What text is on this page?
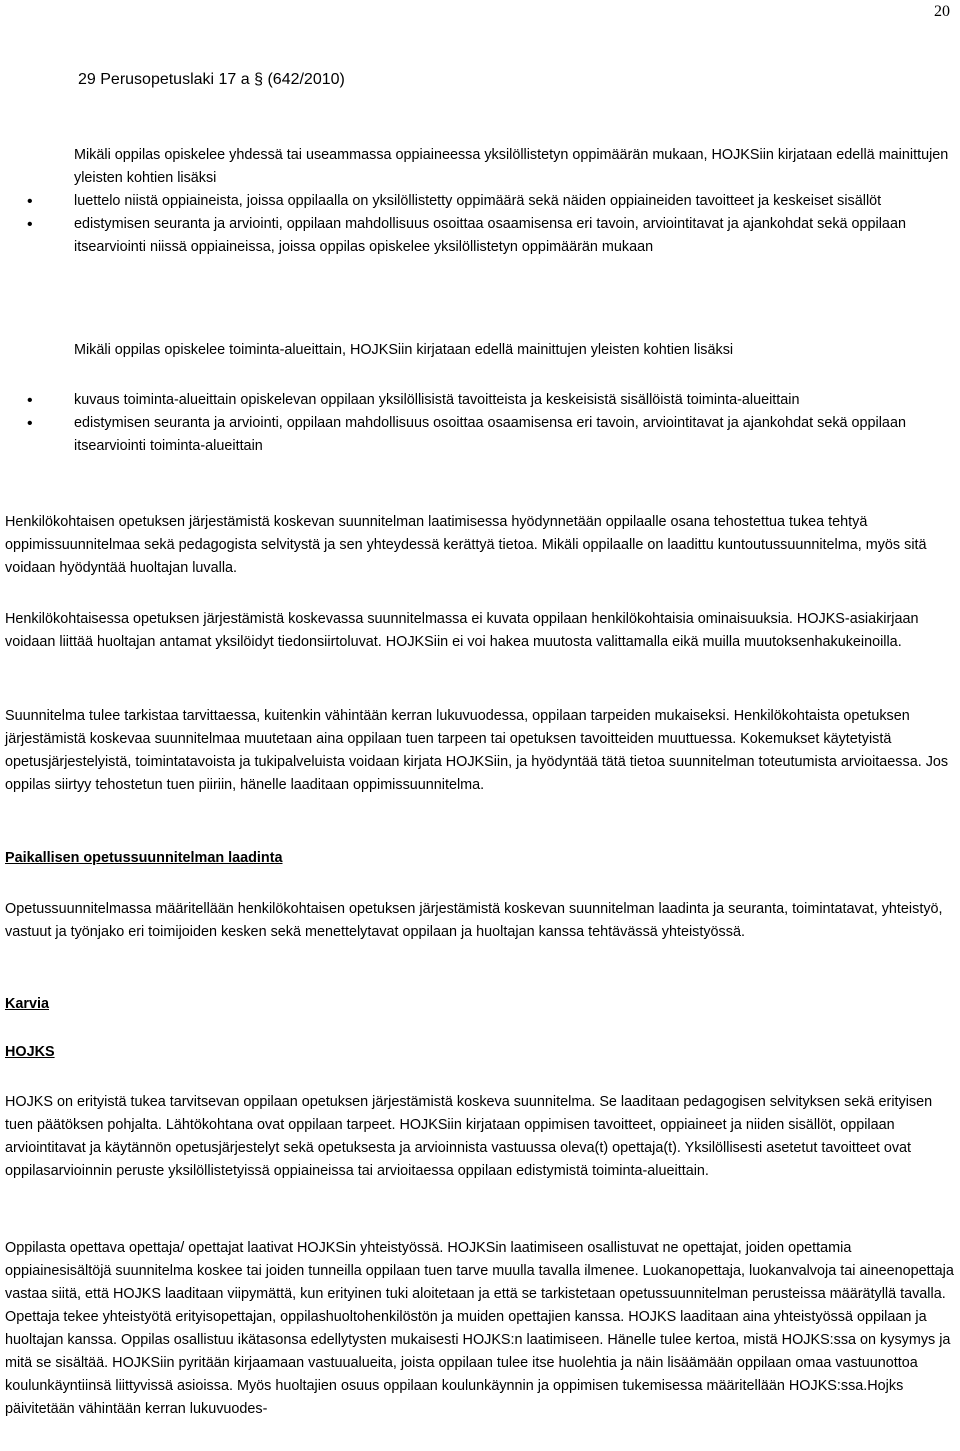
20
29 Perusopetuslaki 17 a § (642/2010)
Mikäli oppilas opiskelee yhdessä tai useammassa oppiaineessa yksilöllistetyn oppimäärän mukaan, HOJKSiin kirjataan edellä mainittujen yleisten kohtien lisäksi
• luettelo niistä oppiaineista, joissa oppilaalla on yksilöllistetty oppimäärä sekä näiden oppiaineiden tavoitteet ja keskeiset sisällöt
• edistymisen seuranta ja arviointi, oppilaan mahdollisuus osoittaa osaamisensa eri tavoin, arviointitavat ja ajankohdat sekä oppilaan itsearviointi niissä oppiaineissa, joissa oppilas opiskelee yksilöllistetyn oppimäärän mukaan
Mikäli oppilas opiskelee toiminta-alueittain, HOJKSiin kirjataan edellä mainittujen yleisten kohtien lisäksi
• kuvaus toiminta-alueittain opiskelevan oppilaan yksilöllisistä tavoitteista ja keskeisistä sisällöistä toiminta-alueittain
• edistymisen seuranta ja arviointi, oppilaan mahdollisuus osoittaa osaamisensa eri tavoin, arviointitavat ja ajankohdat sekä oppilaan itsearviointi toiminta-alueittain

Henkilökohtaisen opetuksen järjestämistä koskevan suunnitelman laatimisessa hyödynnetään oppilaalle osana tehostettua tukea tehtyä oppimissuunnitelmaa sekä pedagogista selvitystä ja sen yhteydessä kerättyä tietoa. Mikäli oppilaalle on laadittu kuntoutussuunnitelma, myös sitä voidaan hyödyntää huoltajan luvalla.

Henkilökohtaisessa opetuksen järjestämistä koskevassa suunnitelmassa ei kuvata oppilaan henkilökohtaisia ominaisuuksia. HOJKS-asiakirjaan voidaan liittää huoltajan antamat yksilöidyt tiedonsiirtoluvat. HOJKSiin ei voi hakea muutosta valittamalla eikä muilla muutoksenhakukeinoilla.

Suunnitelma tulee tarkistaa tarvittaessa, kuitenkin vähintään kerran lukuvuodessa, oppilaan tarpeiden mukaiseksi. Henkilökohtaista opetuksen järjestämistä koskevaa suunnitelmaa muutetaan aina oppilaan tuen tarpeen tai opetuksen tavoitteiden muuttuessa. Kokemukset käytetyistä opetusjärjestelyistä, toimintatavoista ja tukipalveluista voidaan kirjata HOJKSiin, ja hyödyntää tätä tietoa suunnitelman toteutumista arvioitaessa. Jos oppilas siirtyy tehostetun tuen piiriin, hänelle laaditaan oppimissuunnitelma.

Paikallisen opetussuunnitelman laadinta

Opetussuunnitelmassa määritellään henkilökohtaisen opetuksen järjestämistä koskevan suunnitelman laadinta ja seuranta, toimintatavat, yhteistyö, vastuut ja työnjako eri toimijoiden kesken sekä menettelytavat oppilaan ja huoltajan kanssa tehtävässä yhteistyössä.

Karvia
HOJKS

HOJKS on erityistä tukea tarvitsevan oppilaan opetuksen järjestämistä koskeva suunnitelma. Se laaditaan pedagogisen selvityksen sekä erityisen tuen päätöksen pohjalta. Lähtökohtana ovat oppilaan tarpeet. HOJKSiin kirjataan oppimisen tavoitteet, oppiaineet ja niiden sisällöt, oppilaan arviointitavat ja käytännön opetusjärjestelyt sekä opetuksesta ja arvioinnista vastuussa oleva(t) opettaja(t). Yksilöllisesti asetetut tavoitteet ovat oppilasarvioinnin peruste yksilöllistetyissä oppiaineissa tai arvioitaessa oppilaan edistymistä toiminta-alueittain.

Oppilasta opettava opettaja/ opettajat laativat HOJKSin yhteistyössä. HOJKSin laatimiseen osallistuvat ne opettajat, joiden opettamia oppiainesisältöjä suunnitelma koskee tai joiden tunneilla oppilaan tuen tarve muulla tavalla ilmenee. Luokanopettaja, luokanvalvoja tai aineenopettaja vastaa siitä, että HOJKS laaditaan viipymättä, kun erityinen tuki aloitetaan ja että se tarkistetaan opetussuunnitelman perusteissa määrätyllä tavalla. Opettaja tekee yhteistyötä erityisopettajan, oppilashuoltohenkilöstön ja muiden opettajien kanssa. HOJKS laaditaan aina yhteistyössä oppilaan ja huoltajan kanssa. Oppilas osallistuu ikätasonsa edellytysten mukaisesti HOJKS:n laatimiseen. Hänelle tulee kertoa, mistä HOJKS:ssa on kysymys ja mitä se sisältää. HOJKSiin pyritään kirjaamaan vastuualueita, joista oppilaan tulee itse huolehtia ja näin lisäämään oppilaan omaa vastuunottoa koulunkäyntiinsä liittyvissä asioissa. Myös huoltajien osuus oppilaan koulunkäynnin ja oppimisen tukemisessa määritellään HOJKS:ssa.Hojks päivitetään vähintään kerran lukuvuodes-
